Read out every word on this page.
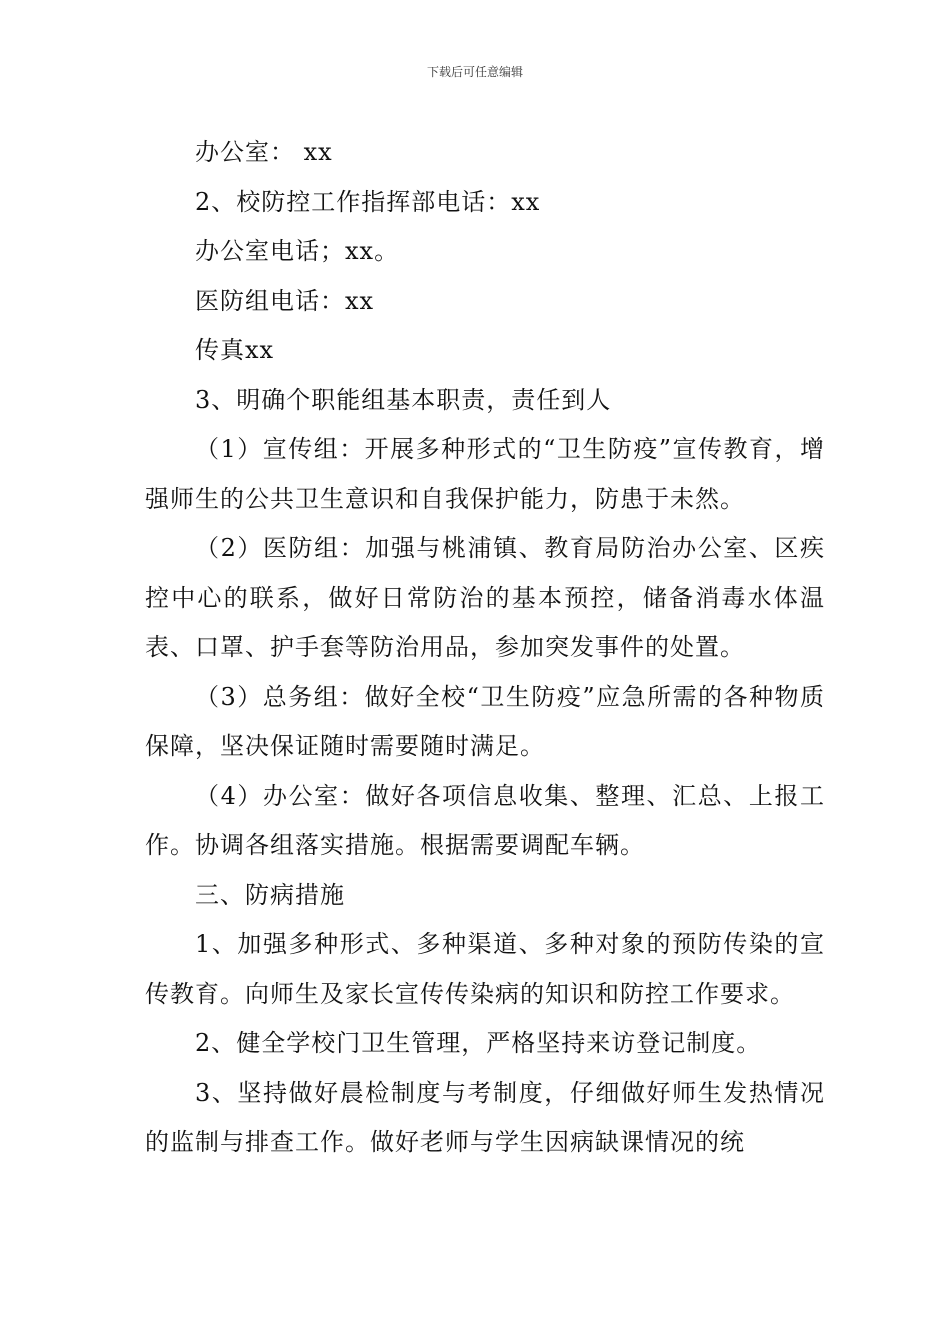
下载后可任意编辑

办公室： xx

2、校防控工作指挥部电话：xx

办公室电话；xx。

医防组电话：xx

传真xx

3、明确个职能组基本职责，责任到人

（1）宣传组：开展多种形式的“卫生防疫”宣传教育，增强师生的公共卫生意识和自我保护能力，防患于未然。

（2）医防组：加强与桃浦镇、教育局防治办公室、区疾控中心的联系，做好日常防治的基本预控，储备消毒水体温表、口罩、护手套等防治用品，参加突发事件的处置。

（3）总务组：做好全校“卫生防疫”应急所需的各种物质保障，坚决保证随时需要随时满足。

（4）办公室：做好各项信息收集、整理、汇总、上报工作。协调各组落实措施。根据需要调配车辆。

三、防病措施

1、加强多种形式、多种渠道、多种对象的预防传染的宣传教育。向师生及家长宣传传染病的知识和防控工作要求。

2、健全学校门卫生管理，严格坚持来访登记制度。

3、坚持做好晨检制度与考制度，仔细做好师生发热情况的监制与排查工作。做好老师与学生因病缺课情况的统
